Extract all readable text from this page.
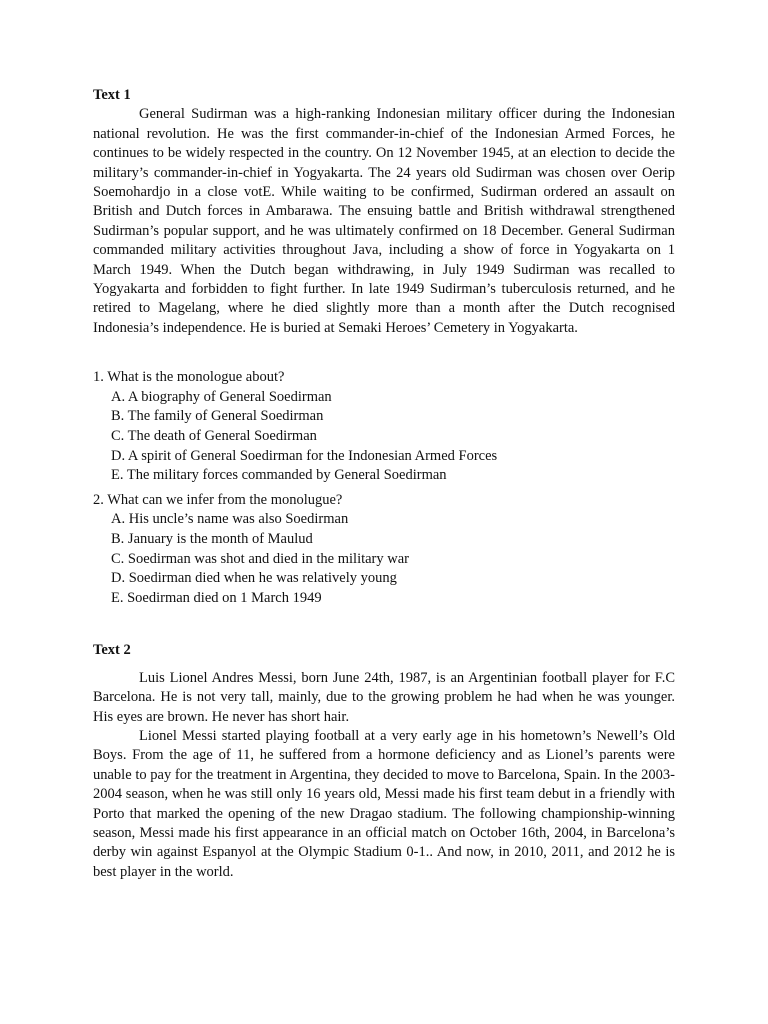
Text 1

General Sudirman was a high-ranking Indonesian military officer during the Indonesian national revolution. He was the first commander-in-chief of the Indonesian Armed Forces, he continues to be widely respected in the country. On 12 November 1945, at an election to decide the military’s commander-in-chief in Yogyakarta. The 24 years old Sudirman was chosen over Oerip Soemohardjo in a close votE. While waiting to be confirmed, Sudirman ordered an assault on British and Dutch forces in Ambarawa. The ensuing battle and British withdrawal strengthened Sudirman’s popular support, and he was ultimately confirmed on 18 December. General Sudirman commanded military activities throughout Java, including a show of force in Yogyakarta on 1 March 1949. When the Dutch began withdrawing, in July 1949 Sudirman was recalled to Yogyakarta and forbidden to fight further. In late 1949 Sudirman’s tuberculosis returned, and he retired to Magelang, where he died slightly more than a month after the Dutch recognised Indonesia’s independence. He is buried at Semaki Heroes’ Cemetery in Yogyakarta.

1. What is the monologue about?

A. A biography of General Soedirman
B. The family of General Soedirman
C. The death of General Soedirman
D. A spirit of General Soedirman for the Indonesian Armed Forces
E. The military forces commanded by General Soedirman

2. What can we infer from the monolugue?

A. His uncle’s name was also Soedirman
B. January is the month of Maulud
C. Soedirman was shot and died in the military war
D. Soedirman died when he was relatively young
E. Soedirman died on 1 March 1949
Text 2

Luis Lionel Andres Messi, born June 24th, 1987, is an Argentinian football player for F.C Barcelona. He is not very tall, mainly, due to the growing problem he had when he was younger. His eyes are brown. He never has short hair.

Lionel Messi started playing football at a very early age in his hometown’s Newell’s Old Boys. From the age of 11, he suffered from a hormone deficiency and as Lionel’s parents were unable to pay for the treatment in Argentina, they decided to move to Barcelona, Spain. In the 2003-2004 season, when he was still only 16 years old, Messi made his first team debut in a friendly with Porto that marked the opening of the new Dragao stadium. The following championship-winning season, Messi made his first appearance in an official match on October 16th, 2004, in Barcelona’s derby win against Espanyol at the Olympic Stadium 0-1.. And now, in 2010, 2011, and 2012 he is best player in the world.
